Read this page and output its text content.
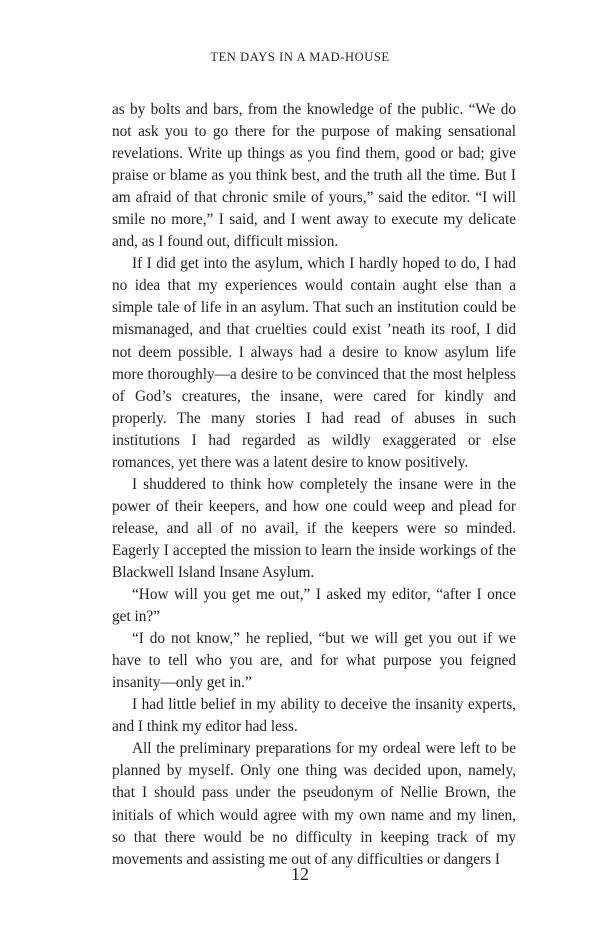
TEN DAYS IN A MAD-HOUSE

as by bolts and bars, from the knowledge of the public. “We do not ask you to go there for the purpose of making sensational revelations. Write up things as you find them, good or bad; give praise or blame as you think best, and the truth all the time. But I am afraid of that chronic smile of yours,” said the editor. “I will smile no more,” I said, and I went away to execute my delicate and, as I found out, difficult mission.

If I did get into the asylum, which I hardly hoped to do, I had no idea that my experiences would contain aught else than a simple tale of life in an asylum. That such an institution could be mismanaged, and that cruelties could exist ’neath its roof, I did not deem possible. I always had a desire to know asylum life more thoroughly—a desire to be convinced that the most helpless of God’s creatures, the insane, were cared for kindly and properly. The many stories I had read of abuses in such institutions I had regarded as wildly exaggerated or else romances, yet there was a latent desire to know positively.

I shuddered to think how completely the insane were in the power of their keepers, and how one could weep and plead for release, and all of no avail, if the keepers were so minded. Eagerly I accepted the mission to learn the inside workings of the Blackwell Island Insane Asylum.

“How will you get me out,” I asked my editor, “after I once get in?”

“I do not know,” he replied, “but we will get you out if we have to tell who you are, and for what purpose you feigned insanity—only get in.”

I had little belief in my ability to deceive the insanity experts, and I think my editor had less.

All the preliminary preparations for my ordeal were left to be planned by myself. Only one thing was decided upon, namely, that I should pass under the pseudonym of Nellie Brown, the initials of which would agree with my own name and my linen, so that there would be no difficulty in keeping track of my movements and assisting me out of any difficulties or dangers I

12
